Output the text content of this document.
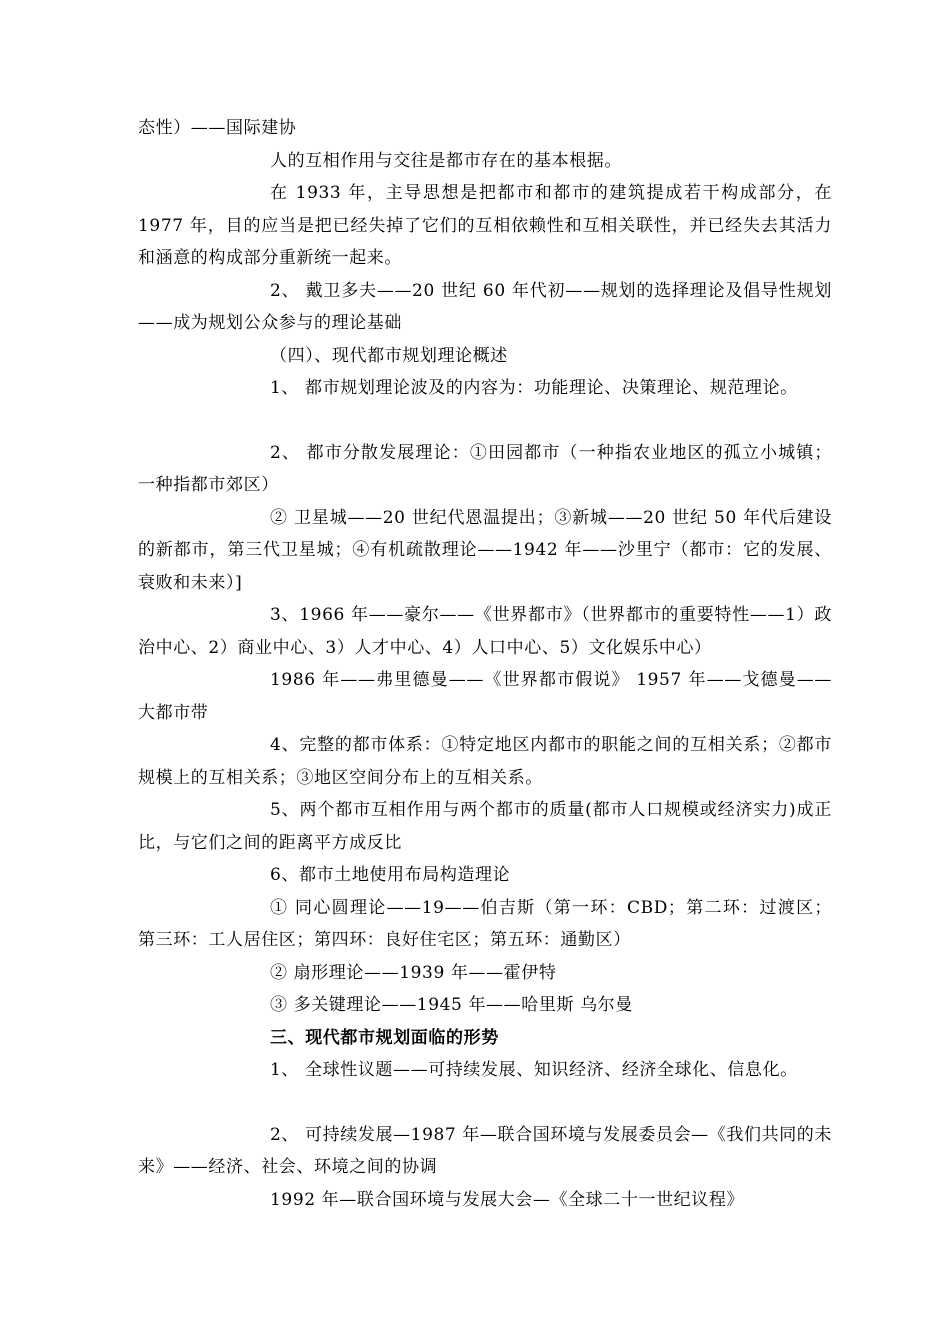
态性）——国际建协

人的互相作用与交往是都市存在的基本根据。

在 1933 年，主导思想是把都市和都市的建筑提成若干构成部分，在 1977 年，目的应当是把已经失掉了它们的互相依赖性和互相关联性，并已经失去其活力和涵意的构成部分重新统一起来。

2、 戴卫多夫——20 世纪 60 年代初——规划的选择理论及倡导性规划——成为规划公众参与的理论基础

（四）、现代都市规划理论概述

1、 都市规划理论波及的内容为：功能理论、决策理论、规范理论。

2、 都市分散发展理论：①田园都市（一种指农业地区的孤立小城镇；一种指都市郊区）

② 卫星城——20 世纪代恩温提出；③新城——20 世纪 50 年代后建设的新都市，第三代卫星城；④有机疏散理论——1942 年——沙里宁（都市：它的发展、衰败和未来）]

3、1966 年——豪尔——《世界都市》（世界都市的重要特性——1）政治中心、2）商业中心、3）人才中心、4）人口中心、5）文化娱乐中心）

1986 年——弗里德曼——《世界都市假说》 1957 年——戈德曼——大都市带

4、完整的都市体系：①特定地区内都市的职能之间的互相关系；②都市规模上的互相关系；③地区空间分布上的互相关系。

5、两个都市互相作用与两个都市的质量(都市人口规模或经济实力)成正比，与它们之间的距离平方成反比

6、都市土地使用布局构造理论

① 同心圆理论——19——伯吉斯（第一环：CBD；第二环：过渡区；第三环：工人居住区；第四环：良好住宅区；第五环：通勤区）

② 扇形理论——1939 年——霍伊特

③ 多关键理论——1945 年——哈里斯 乌尔曼

三、现代都市规划面临的形势

1、 全球性议题——可持续发展、知识经济、经济全球化、信息化。

2、 可持续发展—1987 年—联合国环境与发展委员会—《我们共同的未来》——经济、社会、环境之间的协调

1992 年—联合国环境与发展大会—《全球二十一世纪议程》
